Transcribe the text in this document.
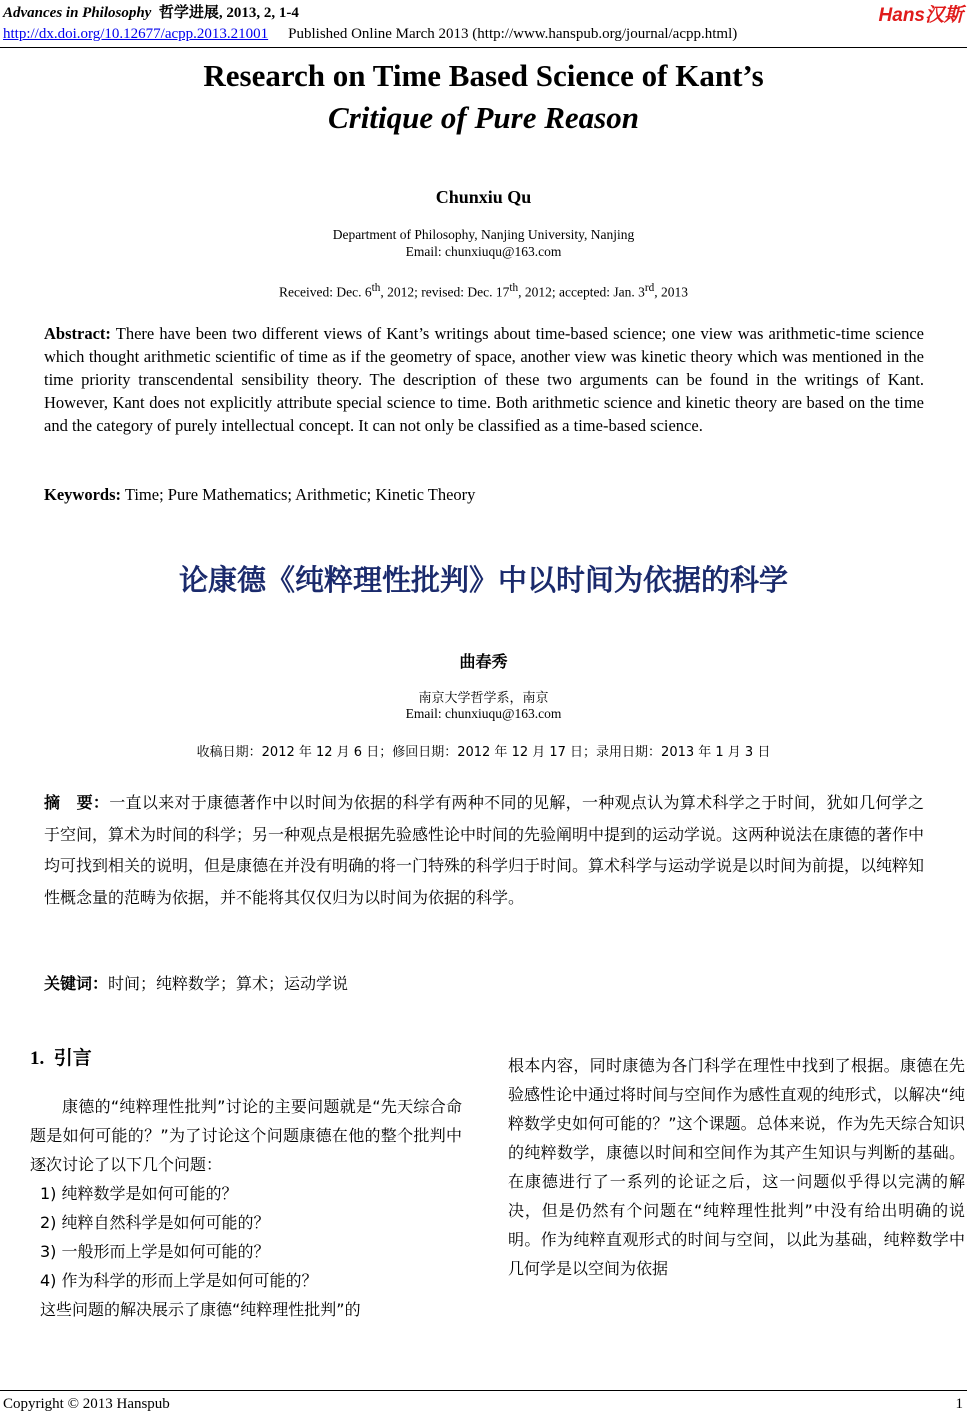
Advances in Philosophy 哲学进展, 2013, 2, 1-4	Hans汉斯
http://dx.doi.org/10.12677/acpp.2013.21001 Published Online March 2013 (http://www.hanspub.org/journal/acpp.html)
Research on Time Based Science of Kant’s
Critique of Pure Reason
Chunxiu Qu
Department of Philosophy, Nanjing University, Nanjing
Email: chunxiuqu@163.com
Received: Dec. 6th, 2012; revised: Dec. 17th, 2012; accepted: Jan. 3rd, 2013
Abstract: There have been two different views of Kant’s writings about time-based science; one view was arithmetic-time science which thought arithmetic scientific of time as if the geometry of space, another view was kinetic theory which was mentioned in the time priority transcendental sensibility theory. The description of these two arguments can be found in the writings of Kant. However, Kant does not explicitly attribute special science to time. Both arithmetic science and kinetic theory are based on the time and the category of purely intellectual concept. It can not only be classified as a time-based science.
Keywords: Time; Pure Mathematics; Arithmetic; Kinetic Theory
论康德《纯粹理性批判》中以时间为依据的科学
曲春秀
南京大学哲学系，南京
Email: chunxiuqu@163.com
收稿日期：2012 年 12 月 6 日；修回日期：2012 年 12 月 17 日；录用日期：2013 年 1 月 3 日
摘　要：一直以来对于康德著作中以时间为依据的科学有两种不同的见解，一种观点认为算术科学之于时间，犹如几何学之于空间，算术为时间的科学；另一种观点是根据先验感性论中时间的先验阐明中提到的运动学说。这两种说法在康德的著作中均可找到相关的说明，但是康德在并没有明确的将一门特殊的科学归于时间。算术科学与运动学说是以时间为前提，以纯粹知性概念量的范畴为依据，并不能将其仅仅归为以时间为依据的科学。
关键词：时间；纯粹数学；算术；运动学说
1. 引言

康德的“纯粹理性批判”讨论的主要问题就是“先天综合命题是如何可能的？”为了讨论这个问题康德在他的整个批判中逐次讨论了以下几个问题：

1) 纯粹数学是如何可能的？

2) 纯粹自然科学是如何可能的？

3) 一般形而上学是如何可能的？

4) 作为科学的形而上学是如何可能的？

这些问题的解决展示了康德“纯粹理性批判”的

根本内容，同时康德为各门科学在理性中找到了根据。康德在先验感性论中通过将时间与空间作为感性直观的纯形式，以解决“纯粹数学史如何可能的？”这个课题。总体来说，作为先天综合知识的纯粹数学，康德以时间和空间作为其产生知识与判断的基础。在康德进行了一系列的论证之后，这一问题似乎得以完满的解决，但是仍然有个问题在“纯粹理性批判”中没有给出明确的说明。作为纯粹直观形式的时间与空间，以此为基础，纯粹数学中几何学是以空间为依据

Copyright © 2013 Hanspub	1
